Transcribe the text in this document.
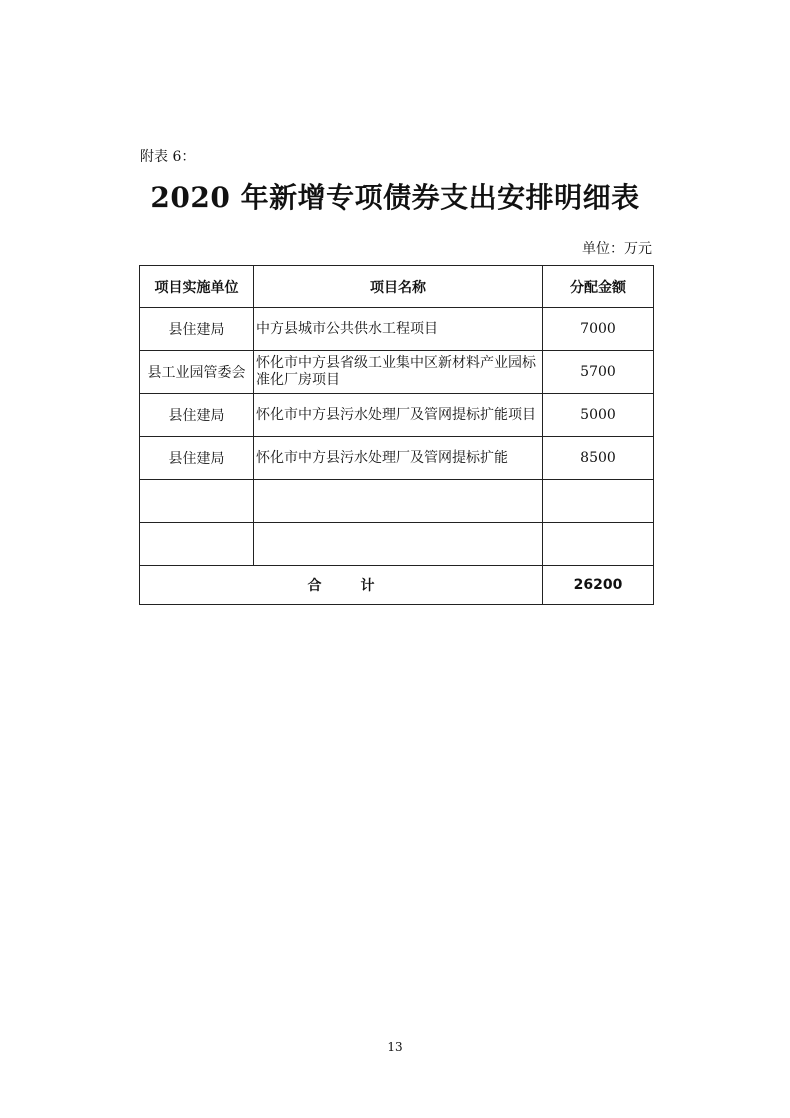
附表 6：
2020 年新增专项债券支出安排明细表
单位：万元
项目实施单位	项目名称	分配金额
县住建局	中方县城市公共供水工程项目	7000
县工业园管委会	怀化市中方县省级工业集中区新材料产业园标准化厂房项目	5700
县住建局	怀化市中方县污水处理厂及管网提标扩能项目	5000
县住建局	怀化市中方县污水处理厂及管网提标扩能	8500

合        计		26200
13
